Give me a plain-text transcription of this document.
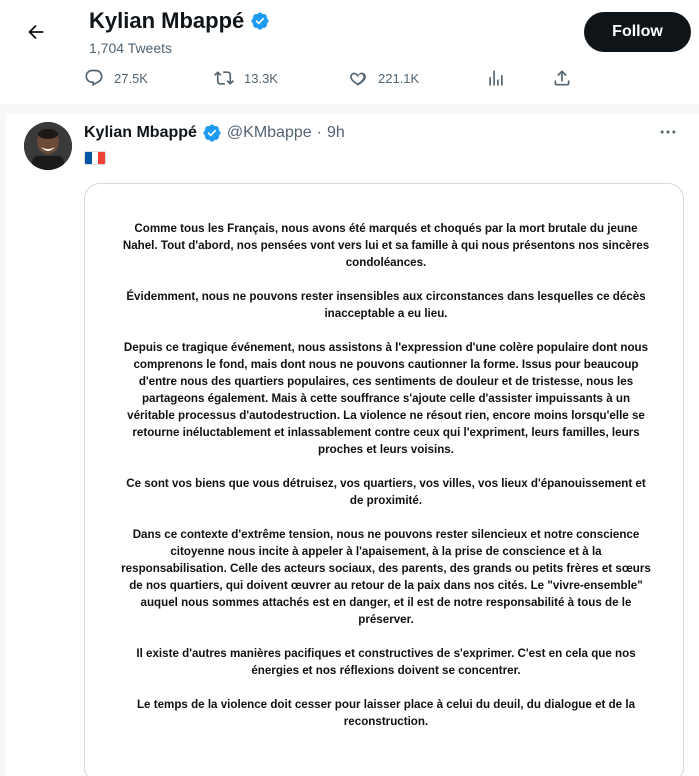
Kylian Mbappé
1,704 Tweets
Follow
27.5K	13.3K	221.1K
Kylian Mbappé @KMbappe · 9h

Comme tous les Français, nous avons été marqués et choqués par la mort brutale du jeune Nahel. Tout d'abord, nos pensées vont vers lui et sa famille à qui nous présentons nos sincères condoléances.

Évidemment, nous ne pouvons rester insensibles aux circonstances dans lesquelles ce décès inacceptable a eu lieu.

Depuis ce tragique événement, nous assistons à l'expression d'une colère populaire dont nous comprenons le fond, mais dont nous ne pouvons cautionner la forme. Issus pour beaucoup d'entre nous des quartiers populaires, ces sentiments de douleur et de tristesse, nous les partageons également. Mais à cette souffrance s'ajoute celle d'assister impuissants à un véritable processus d'autodestruction. La violence ne résout rien, encore moins lorsqu'elle se retourne inéluctablement et inlassablement contre ceux qui l'expriment, leurs familles, leurs proches et leurs voisins.

Ce sont vos biens que vous détruisez, vos quartiers, vos villes, vos lieux d'épanouissement et de proximité.

Dans ce contexte d'extrême tension, nous ne pouvons rester silencieux et notre conscience citoyenne nous incite à appeler à l'apaisement, à la prise de conscience et à la responsabilisation. Celle des acteurs sociaux, des parents, des grands ou petits frères et sœurs de nos quartiers, qui doivent œuvrer au retour de la paix dans nos cités. Le "vivre-ensemble" auquel nous sommes attachés est en danger, et il est de notre responsabilité à tous de le préserver.

Il existe d'autres manières pacifiques et constructives de s'exprimer. C'est en cela que nos énergies et nos réflexions doivent se concentrer.

Le temps de la violence doit cesser pour laisser place à celui du deuil, du dialogue et de la reconstruction.
